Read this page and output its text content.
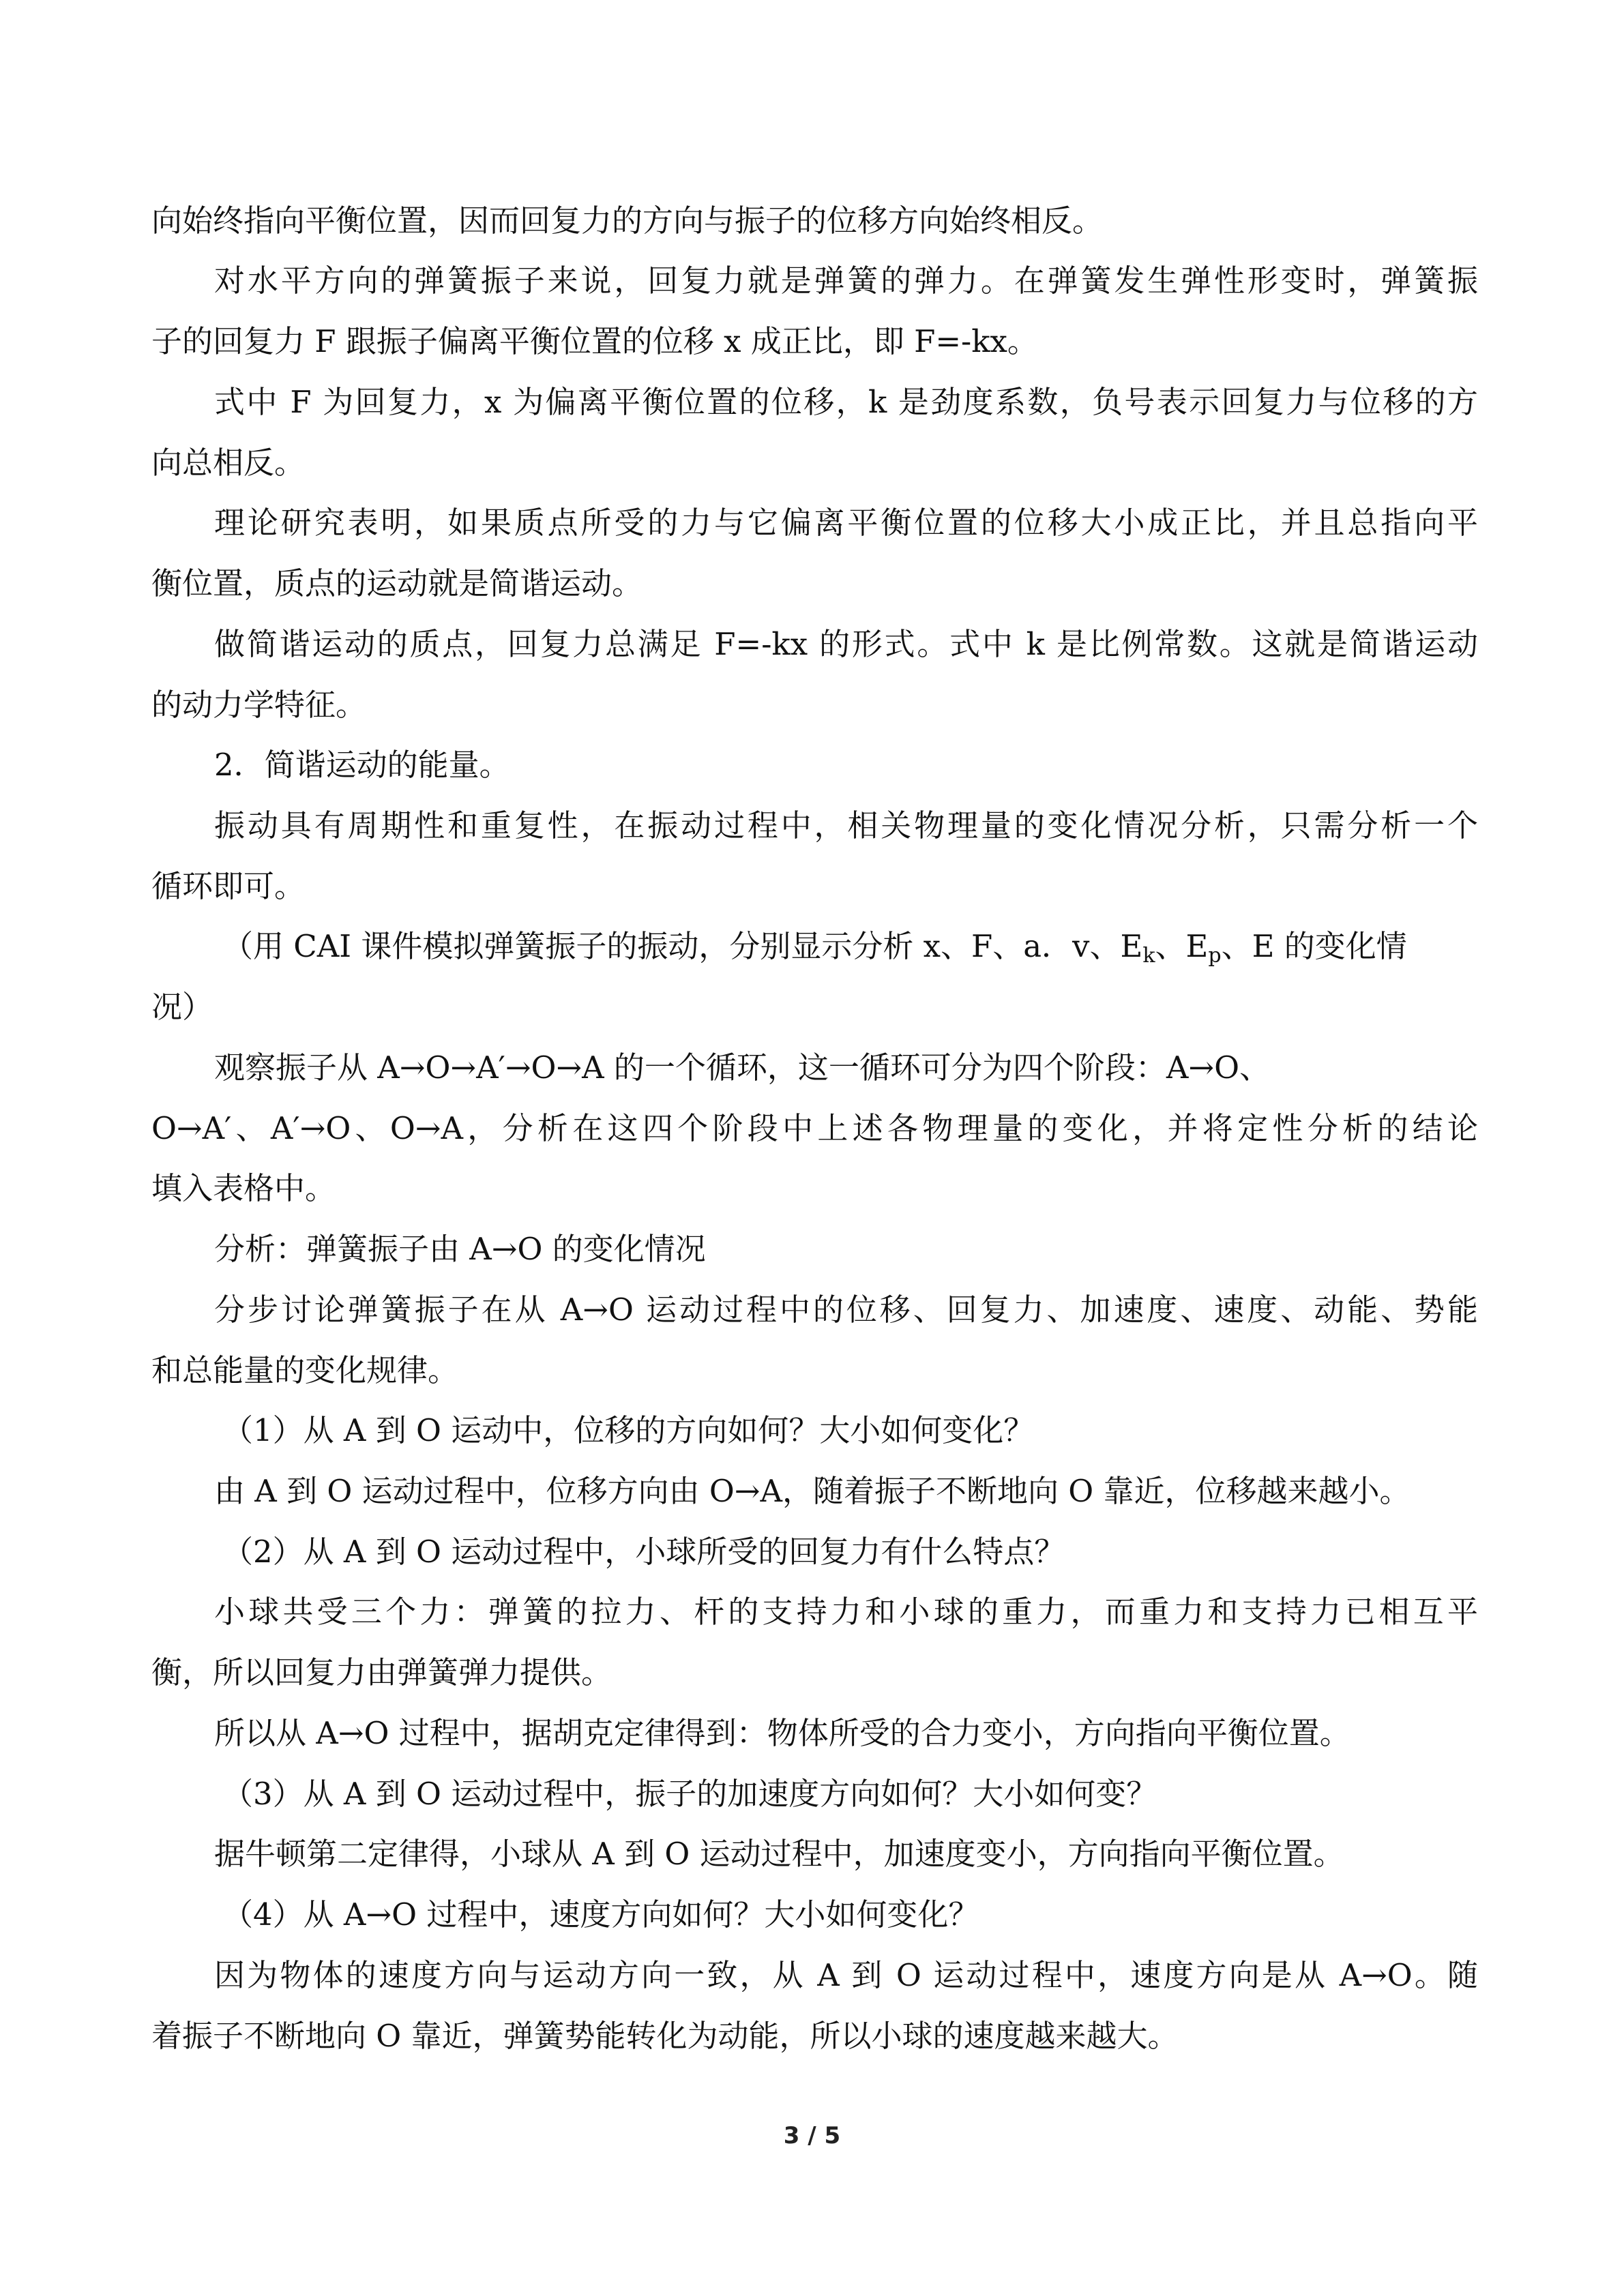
向始终指向平衡位置，因而回复力的方向与振子的位移方向始终相反。
对水平方向的弹簧振子来说，回复力就是弹簧的弹力。在弹簧发生弹性形变时，弹簧振
子的回复力 F 跟振子偏离平衡位置的位移 x 成正比，即 F=-kx。
式中 F 为回复力，x 为偏离平衡位置的位移，k 是劲度系数，负号表示回复力与位移的方
向总相反。
理论研究表明，如果质点所受的力与它偏离平衡位置的位移大小成正比，并且总指向平
衡位置，质点的运动就是简谐运动。
做简谐运动的质点，回复力总满足 F=-kx 的形式。式中 k 是比例常数。这就是简谐运动
的动力学特征。
2．简谐运动的能量。
振动具有周期性和重复性，在振动过程中，相关物理量的变化情况分析，只需分析一个
循环即可。
（用 CAI 课件模拟弹簧振子的振动，分别显示分析 x、F、a．v、$E_k$、$E_p$、E 的变化情
况）
观察振子从 A→O→A′→O→A 的一个循环，这一循环可分为四个阶段：A→O、
O→A′、A′→O、O→A，分析在这四个阶段中上述各物理量的变化，并将定性分析的结论
填入表格中。
分析：弹簧振子由 A→O 的变化情况
分步讨论弹簧振子在从 A→O 运动过程中的位移、回复力、加速度、速度、动能、势能
和总能量的变化规律。
（1）从 A 到 O 运动中，位移的方向如何？大小如何变化？
由 A 到 O 运动过程中，位移方向由 O→A，随着振子不断地向 O 靠近，位移越来越小。
（2）从 A 到 O 运动过程中，小球所受的回复力有什么特点？
小球共受三个力：弹簧的拉力、杆的支持力和小球的重力，而重力和支持力已相互平
衡，所以回复力由弹簧弹力提供。
所以从 A→O 过程中，据胡克定律得到：物体所受的合力变小，方向指向平衡位置。
（3）从 A 到 O 运动过程中，振子的加速度方向如何？大小如何变？
据牛顿第二定律得，小球从 A 到 O 运动过程中，加速度变小，方向指向平衡位置。
（4）从 A→O 过程中，速度方向如何？大小如何变化？
因为物体的速度方向与运动方向一致，从 A 到 O 运动过程中，速度方向是从 A→O。随
着振子不断地向 O 靠近，弹簧势能转化为动能，所以小球的速度越来越大。
3 / 5
